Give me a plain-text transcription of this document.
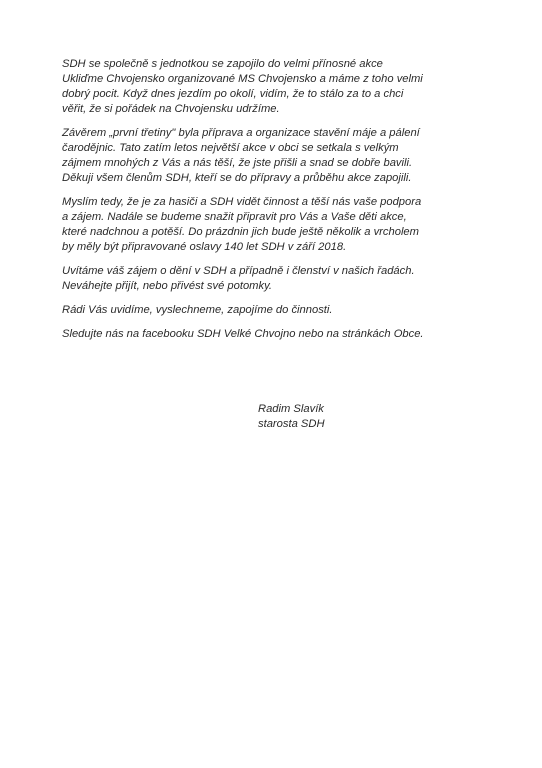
SDH se společně s jednotkou se zapojilo do velmi přínosné akce
Ukliďme Chvojensko organizované MS Chvojensko a máme z toho velmi
dobrý pocit. Když dnes jezdím po okolí, vidím, že to stálo za to a chci
věřit, že si pořádek na Chvojensku udržíme.

Závěrem „první třetiny" byla příprava a organizace stavění máje a pálení
čarodějnic. Tato zatím letos největší akce v obci se setkala s velkým
zájmem mnohých z Vás a nás těší, že jste přišli a snad se dobře bavili.
Děkuji všem členům SDH, kteří se do přípravy a průběhu akce zapojili.

Myslím tedy, že je za hasiči a SDH vidět činnost a těší nás vaše podpora
a zájem. Nadále se budeme snažit připravit pro Vás a Vaše děti akce,
které nadchnou a potěší. Do prázdnin jich bude ještě několik a vrcholem
by měly být připravované oslavy 140 let SDH v září 2018.

Uvítáme váš zájem o dění v SDH a případně i členství v našich řadách.
Neváhejte přijít, nebo přivést své potomky.

Rádi Vás uvidíme, vyslechneme, zapojíme do činnosti.

Sledujte nás na facebooku SDH Velké Chvojno nebo na stránkách Obce.

Radim Slavík
starosta SDH
